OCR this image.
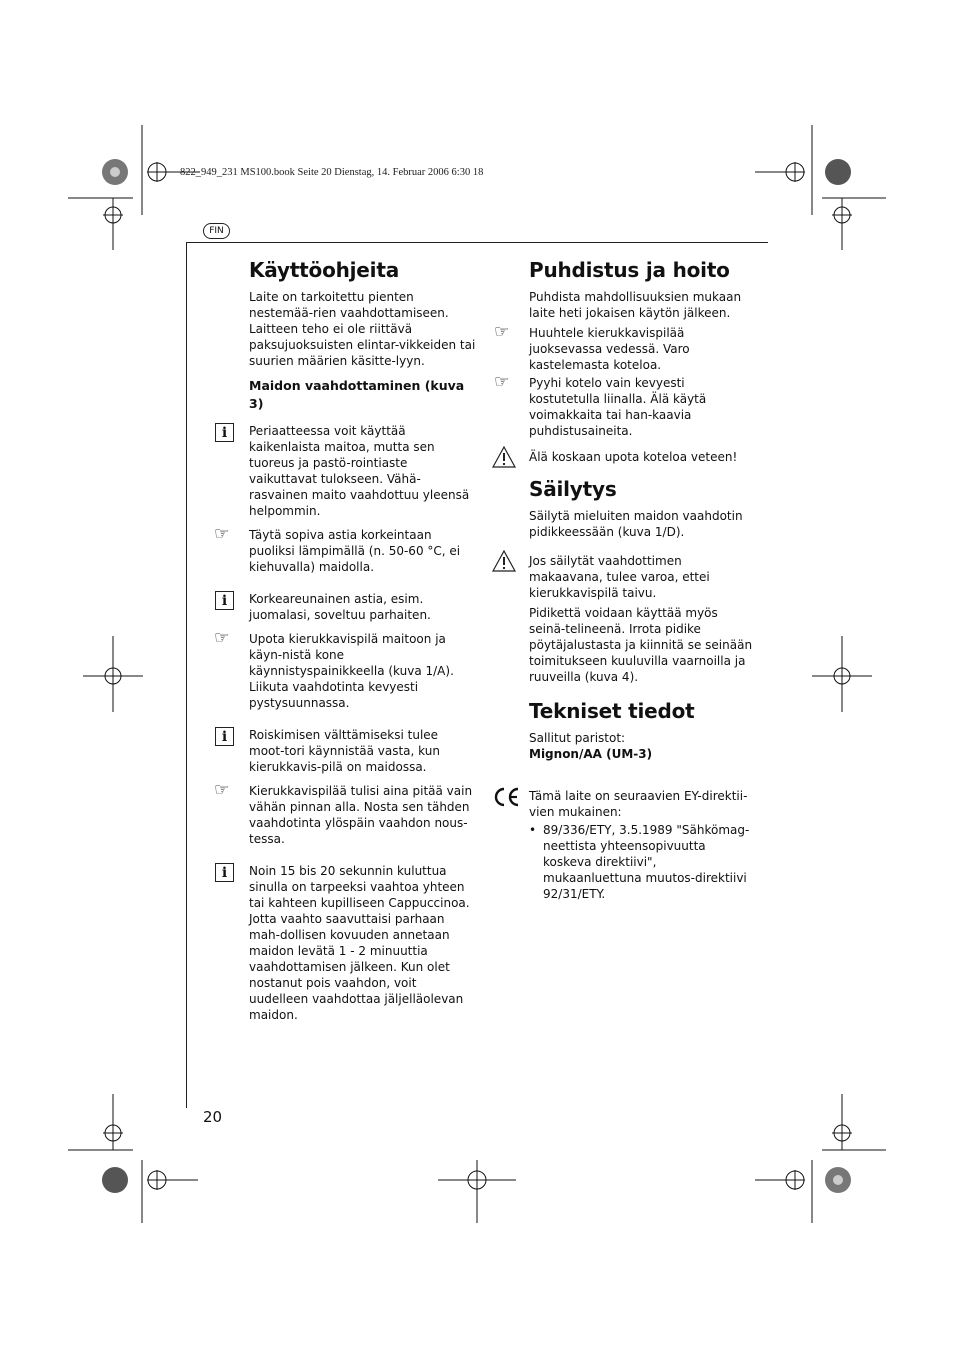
822_949_231 MS100.book Seite 20 Dienstag, 14. Februar 2006 6:30 18
FIN
20
Käyttöohjeita
Laite on tarkoitettu pienten nestemää-rien vaahdottamiseen. Laitteen teho ei ole riittävä paksujuoksuisten elintar-vikkeiden tai suurien määrien käsitte-lyyn.
Maidon vaahdottaminen (kuva 3)
i	Periaatteessa voit käyttää kaikenlaista maitoa, mutta sen tuoreus ja pastö-rointiaste vaikuttavat tulokseen. Vähä-rasvainen maito vaahdottuu yleensä helpommin.
☞	Täytä sopiva astia korkeintaan puoliksi lämpimällä (n. 50-60 °C, ei kiehuvalla) maidolla.
i	Korkeareunainen astia, esim. juomalasi, soveltuu parhaiten.
☞	Upota kierukkavispilä maitoon ja käyn-nistä kone käynnistyspainikkeella (kuva 1/A). Liikuta vaahdotinta kevyesti pystysuunnassa.
i	Roiskimisen välttämiseksi tulee moot-tori käynnistää vasta, kun kierukkavis-pilä on maidossa.
☞	Kierukkavispilää tulisi aina pitää vain vähän pinnan alla. Nosta sen tähden vaahdotinta ylöspäin vaahdon nous-tessa.
i	Noin 15 bis 20 sekunnin kuluttua sinulla on tarpeeksi vaahtoa yhteen tai kahteen kupilliseen Cappuccinoa. Jotta vaahto saavuttaisi parhaan mah-dollisen kovuuden annetaan maidon levätä 1 - 2 minuuttia vaahdottamisen jälkeen. Kun olet nostanut pois vaahdon, voit uudelleen vaahdottaa jäljelläolevan maidon.
Puhdistus ja hoito
Puhdista mahdollisuuksien mukaan laite heti jokaisen käytön jälkeen.
☞	Huuhtele kierukkavispilää juoksevassa vedessä. Varo kastelemasta koteloa.
☞	Pyyhi kotelo vain kevyesti kostutetulla liinalla. Älä käytä voimakkaita tai han-kaavia puhdistusaineita.
Älä koskaan upota koteloa veteen!
Säilytys
Säilytä mieluiten maidon vaahdotin pidikkeessään (kuva 1/D).
Jos säilytät vaahdottimen makaavana, tulee varoa, ettei kierukkavispilä taivu.
Pidikettä voidaan käyttää myös seinä-telineenä. Irrota pidike pöytäjalustasta ja kiinnitä se seinään toimitukseen kuuluvilla vaarnoilla ja ruuveilla (kuva 4).
Tekniset tiedot
Sallitut paristot:
Mignon/AA (UM-3)
Tämä laite on seuraavien EY-direktii-vien mukainen:
• 89/336/ETY, 3.5.1989 "Sähkömag-neettista yhteensopivuutta koskeva direktiivi", mukaanluettuna muutos-direktiivi 92/31/ETY.
